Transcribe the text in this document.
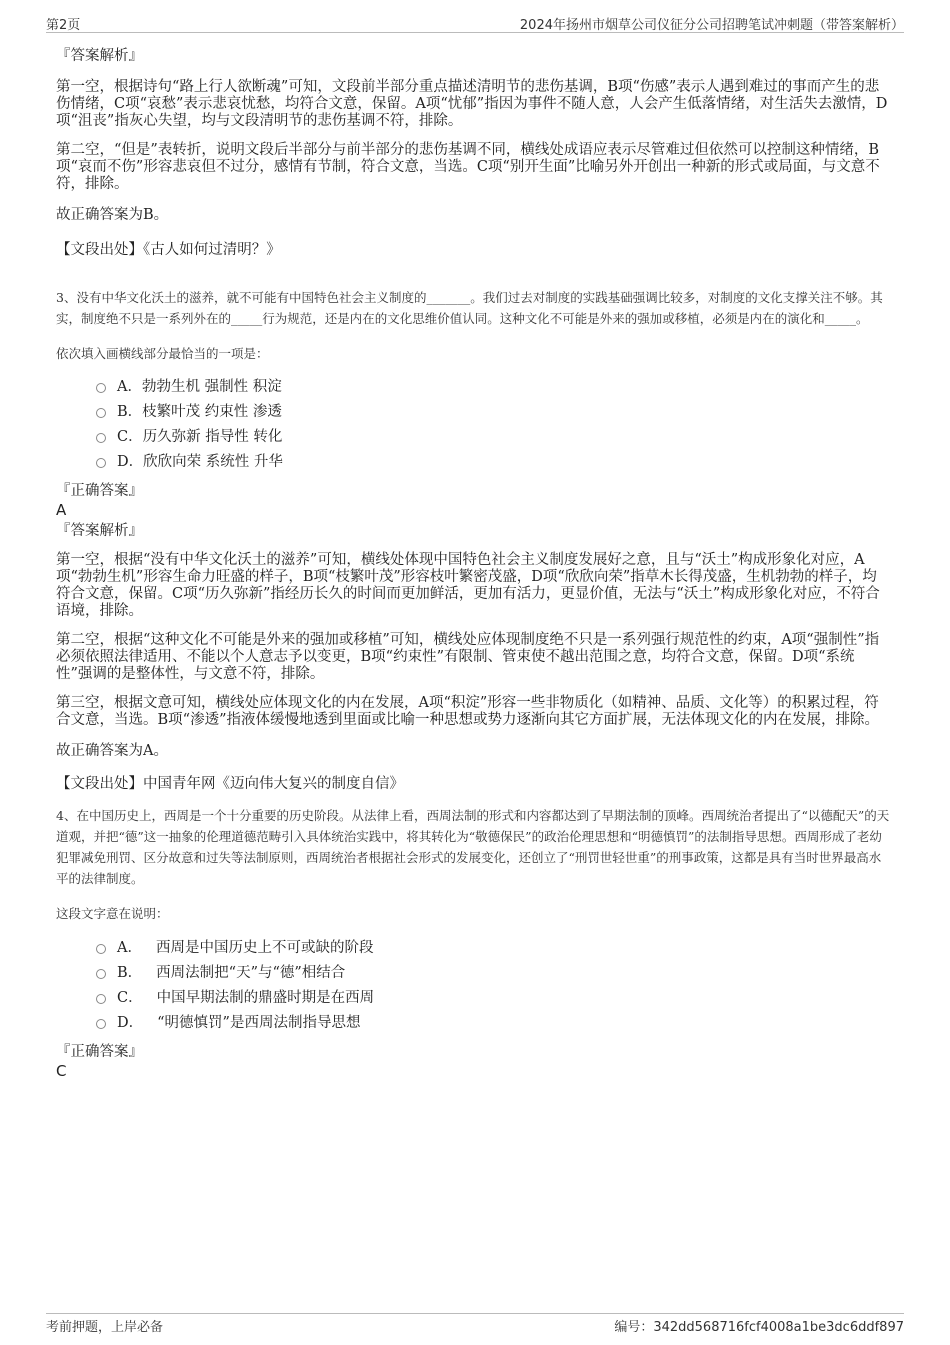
第2页	2024年扬州市烟草公司仪征分公司招聘笔试冲刺题（带答案解析）
『答案解析』
第一空，根据诗句“路上行人欲断魂”可知，文段前半部分重点描述清明节的悲伤基调，B项“伤感”表示人遇到难过的事而产生的悲伤情绪，C项“哀愁”表示悲哀忧愁，均符合文意，保留。A项“忧郁”指因为事件不随人意，人会产生低落情绪，对生活失去激情，D项“沮丧”指灰心失望，均与文段清明节的悲伤基调不符，排除。
第二空，“但是”表转折，说明文段后半部分与前半部分的悲伤基调不同，横线处成语应表示尽管难过但依然可以控制这种情绪，B项“哀而不伤”形容悲哀但不过分，感情有节制，符合文意，当选。C项“别开生面”比喻另外开创出一种新的形式或局面，与文意不符，排除。
故正确答案为B。
【文段出处】《古人如何过清明？》
3、没有中华文化沃土的滋养，就不可能有中国特色社会主义制度的_______。我们过去对制度的实践基础强调比较多，对制度的文化支撑关注不够。其实，制度绝不只是一系列外在的_____行为规范，还是内在的文化思维价值认同。这种文化不可能是外来的强加或移植，必须是内在的演化和_____。
依次填入画横线部分最恰当的一项是：
A．勃勃生机 强制性 积淀
B．枝繁叶茂 约束性 渗透
C．历久弥新 指导性 转化
D．欣欣向荣 系统性 升华
『正确答案』
A
『答案解析』
第一空，根据“没有中华文化沃土的滋养”可知，横线处体现中国特色社会主义制度发展好之意，且与“沃土”构成形象化对应，A项“勃勃生机”形容生命力旺盛的样子，B项“枝繁叶茂”形容枝叶繁密茂盛，D项“欣欣向荣”指草木长得茂盛，生机勃勃的样子，均符合文意，保留。C项“历久弥新”指经历长久的时间而更加鲜活，更加有活力，更显价值，无法与“沃土”构成形象化对应，不符合语境，排除。
第二空，根据“这种文化不可能是外来的强加或移植”可知，横线处应体现制度绝不只是一系列强行规范性的约束，A项“强制性”指必须依照法律适用、不能以个人意志予以变更，B项“约束性”有限制、管束使不越出范围之意，均符合文意，保留。D项“系统性”强调的是整体性，与文意不符，排除。
第三空，根据文意可知，横线处应体现文化的内在发展，A项“积淀”形容一些非物质化（如精神、品质、文化等）的积累过程，符合文意，当选。B项“渗透”指液体缓慢地透到里面或比喻一种思想或势力逐渐向其它方面扩展，无法体现文化的内在发展，排除。
故正确答案为A。
【文段出处】中国青年网《迈向伟大复兴的制度自信》
4、在中国历史上，西周是一个十分重要的历史阶段。从法律上看，西周法制的形式和内容都达到了早期法制的顶峰。西周统治者提出了“以德配天”的天道观，并把“德”这一抽象的伦理道德范畴引入具体统治实践中，将其转化为“敬德保民”的政治伦理思想和“明德慎罚”的法制指导思想。西周形成了老幼犯罪减免刑罚、区分故意和过失等法制原则，西周统治者根据社会形式的发展变化，还创立了“刑罚世轻世重”的刑事政策，这都是具有当时世界最高水平的法律制度。
这段文字意在说明：
A． 西周是中国历史上不可或缺的阶段
B． 西周法制把“天”与“德”相结合
C． 中国早期法制的鼎盛时期是在西周
D． “明德慎罚”是西周法制指导思想
『正确答案』
C
考前押题，上岸必备	编号：342dd568716fcf4008a1be3dc6ddf897
